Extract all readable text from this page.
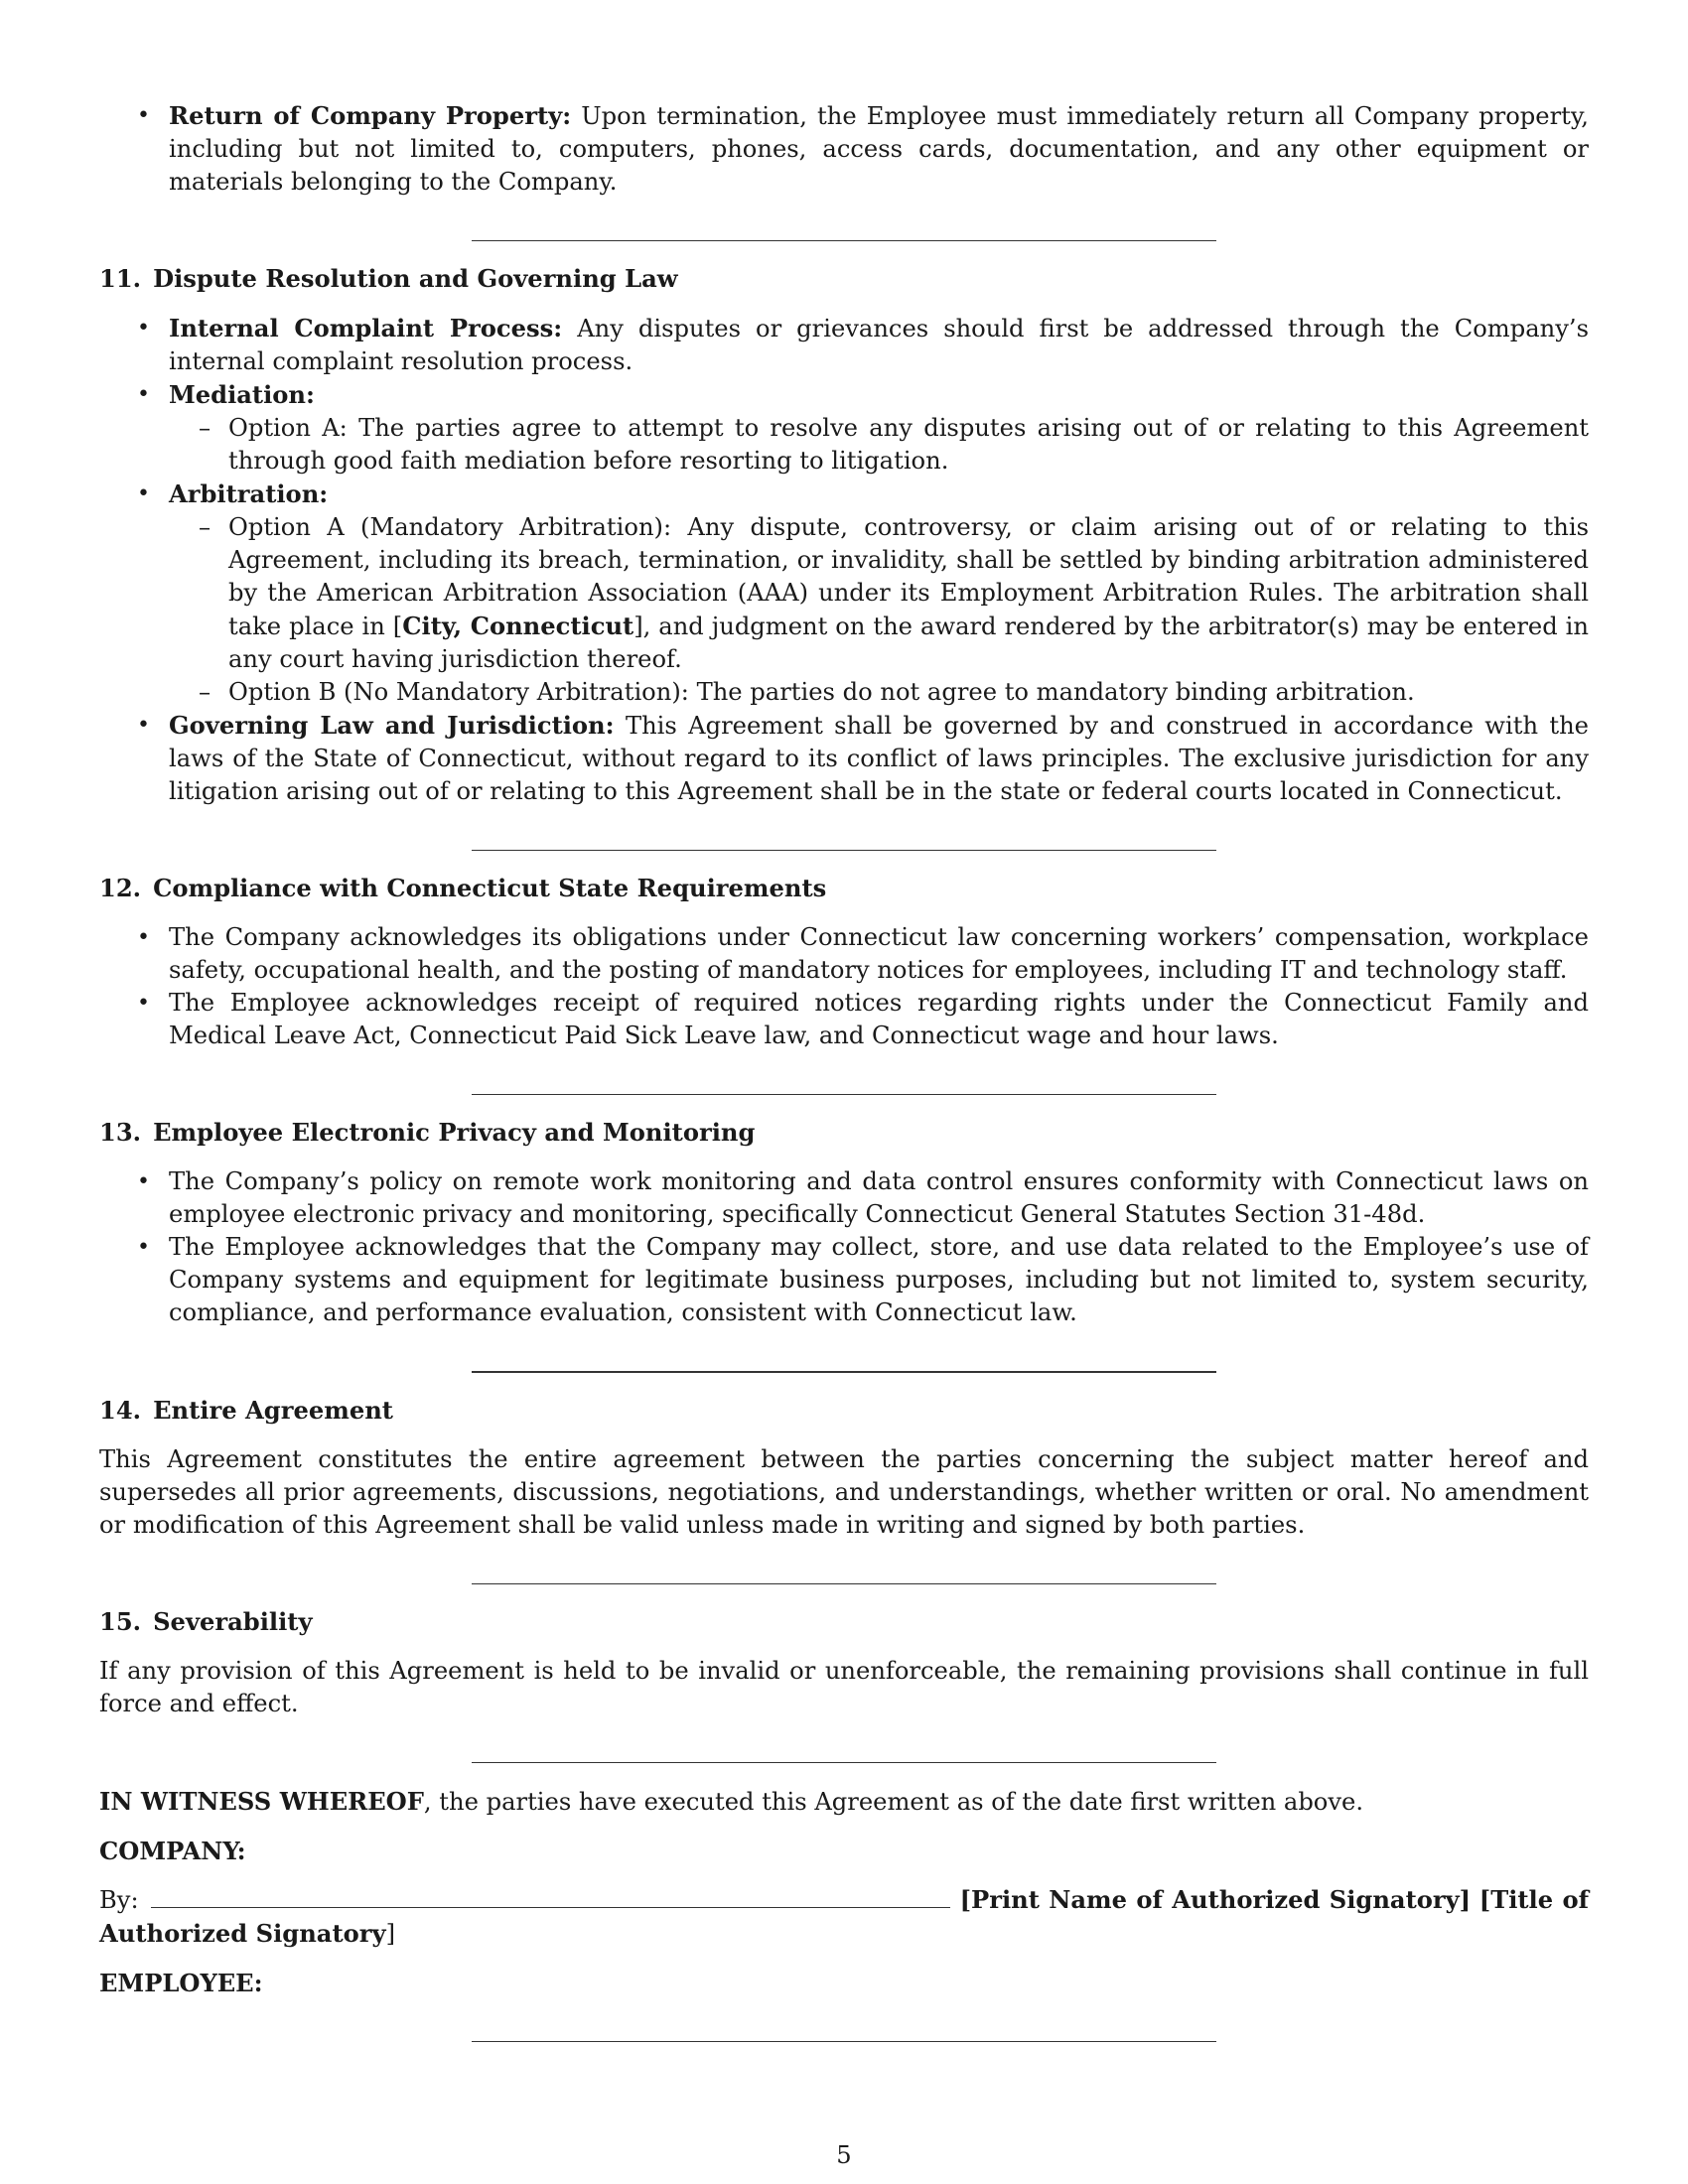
• Return of Company Property: Upon termination, the Employee must immediately return all Company property, including but not limited to, computers, phones, access cards, documentation, and any other equipment or materials belonging to the Company.
11. Dispute Resolution and Governing Law
• Internal Complaint Process: Any disputes or grievances should first be addressed through the Company’s internal complaint resolution process.
• Mediation:
– Option A: The parties agree to attempt to resolve any disputes arising out of or relating to this Agreement through good faith mediation before resorting to litigation.
• Arbitration:
– Option A (Mandatory Arbitration): Any dispute, controversy, or claim arising out of or relating to this Agreement, including its breach, termination, or invalidity, shall be settled by binding arbitration administered by the American Arbitration Association (AAA) under its Employment Arbitration Rules. The arbitration shall take place in [City, Connecticut], and judgment on the award rendered by the arbitrator(s) may be entered in any court having jurisdiction thereof.
– Option B (No Mandatory Arbitration): The parties do not agree to mandatory binding arbitration.
• Governing Law and Jurisdiction: This Agreement shall be governed by and construed in accordance with the laws of the State of Connecticut, without regard to its conflict of laws principles. The exclusive jurisdiction for any litigation arising out of or relating to this Agreement shall be in the state or federal courts located in Connecticut.
12. Compliance with Connecticut State Requirements
• The Company acknowledges its obligations under Connecticut law concerning workers’ compensation, workplace safety, occupational health, and the posting of mandatory notices for employees, including IT and technology staff.
• The Employee acknowledges receipt of required notices regarding rights under the Connecticut Family and Medical Leave Act, Connecticut Paid Sick Leave law, and Connecticut wage and hour laws.
13. Employee Electronic Privacy and Monitoring
• The Company’s policy on remote work monitoring and data control ensures conformity with Connecticut laws on employee electronic privacy and monitoring, specifically Connecticut General Statutes Section 31-48d.
• The Employee acknowledges that the Company may collect, store, and use data related to the Employee’s use of Company systems and equipment for legitimate business purposes, including but not limited to, system security, compliance, and performance evaluation, consistent with Connecticut law.
14. Entire Agreement

This Agreement constitutes the entire agreement between the parties concerning the subject matter hereof and supersedes all prior agreements, discussions, negotiations, and understandings, whether written or oral. No amendment or modification of this Agreement shall be valid unless made in writing and signed by both parties.

15. Severability

If any provision of this Agreement is held to be invalid or unenforceable, the remaining provisions shall continue in full force and effect.

IN WITNESS WHEREOF, the parties have executed this Agreement as of the date first written above.

COMPANY:

By:	[Print Name of Authorized Signatory] [Title of Authorized Signatory]

EMPLOYEE:

5
